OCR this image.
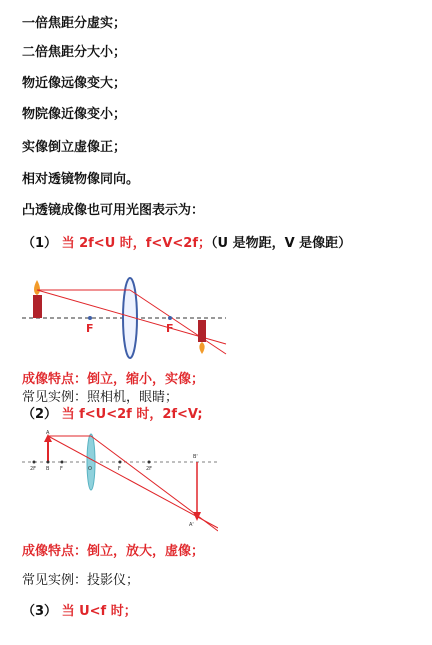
一倍焦距分虚实；
二倍焦距分大小；
物近像远像变大；
物院像近像变小；
实像倒立虚像正；
相对透镜物像同向。
凸透镜成像也可用光图表示为：
（1） 当 2f<U 时，f<V<2f；（U 是物距，V 是像距）
F	F
成像特点：倒立，缩小，实像；
常见实例：照相机，眼睛；
（2） 当 f<U<2f 时，2f<V;
A
2F B F	O	F	2F
B'
A'
成像特点：倒立，放大，虚像；
常见实例：投影仪；
（3） 当 U<f 时；
